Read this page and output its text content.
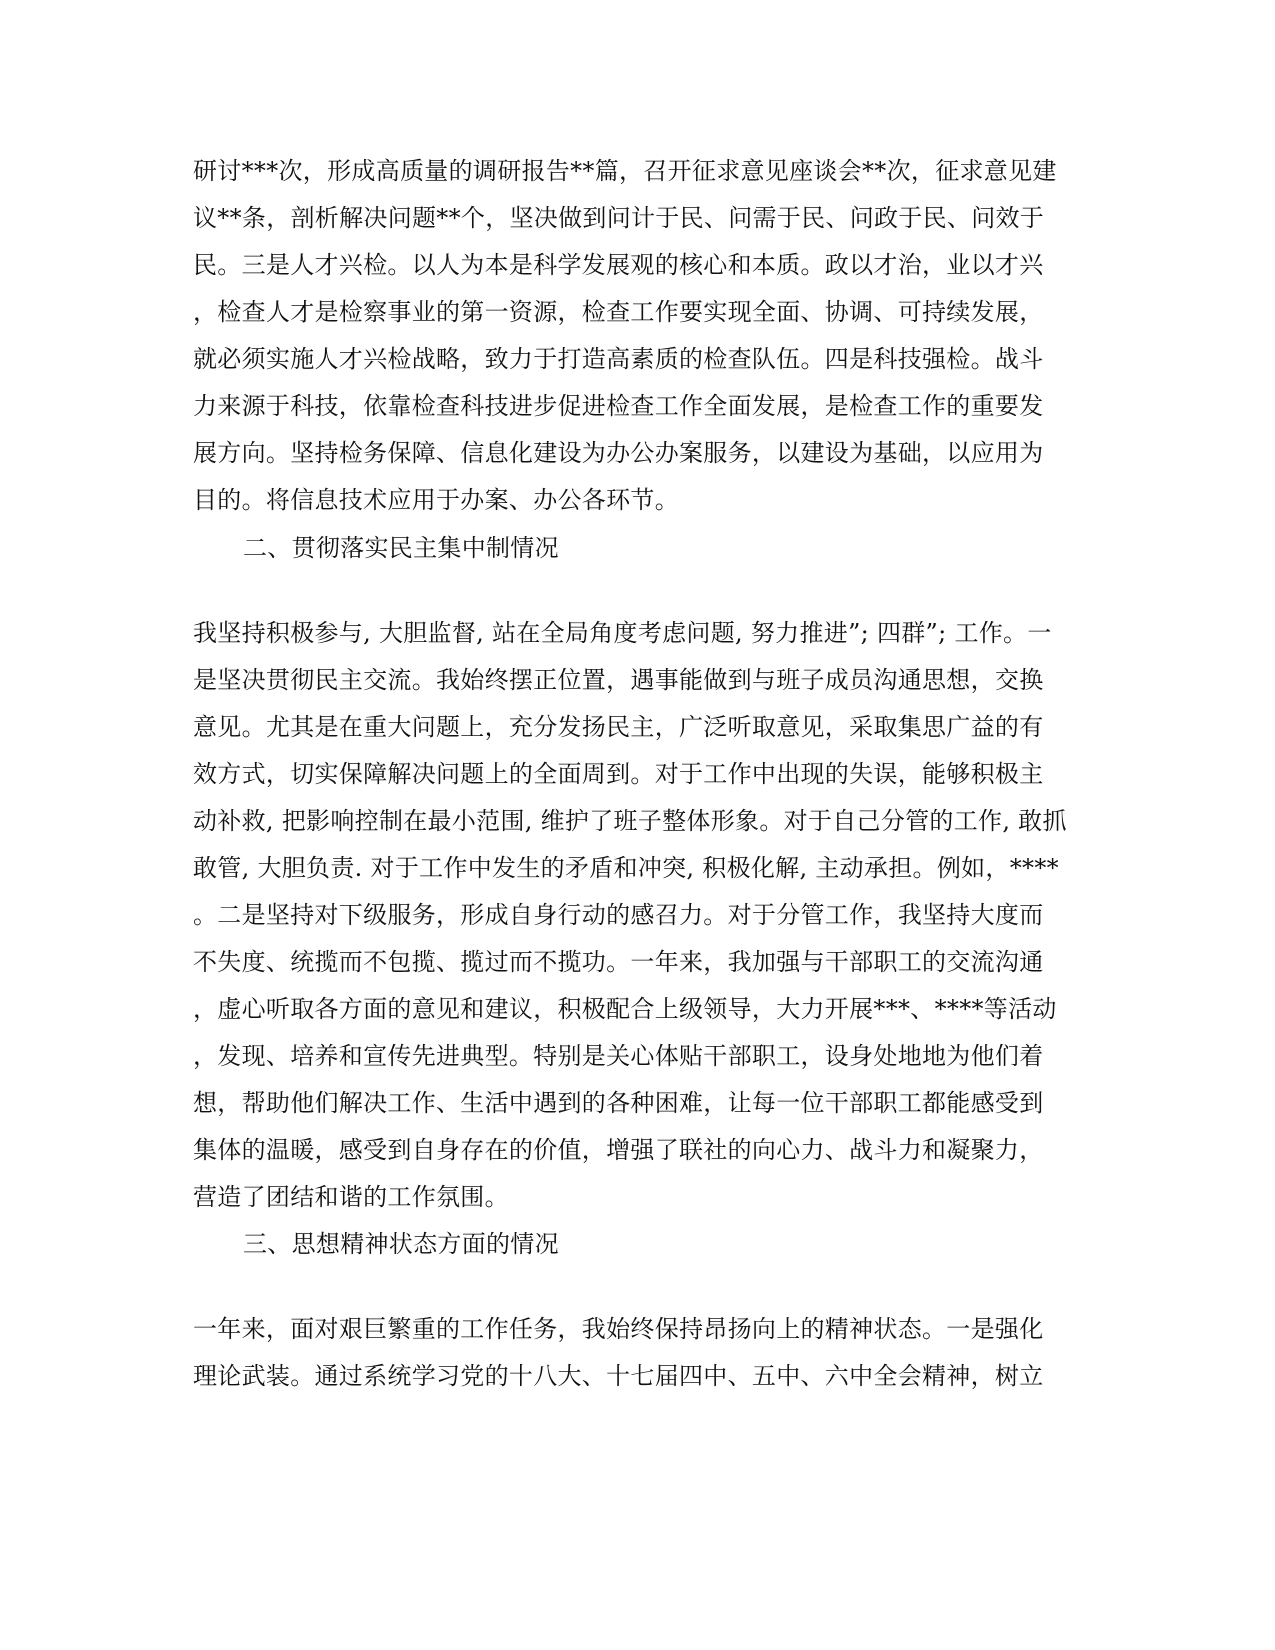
研讨***次，形成高质量的调研报告**篇，召开征求意见座谈会**次，征求意见建
议**条，剖析解决问题**个，坚决做到问计于民、问需于民、问政于民、问效于
民。三是人才兴检。以人为本是科学发展观的核心和本质。政以才治，业以才兴
，检查人才是检察事业的第一资源，检查工作要实现全面、协调、可持续发展，
就必须实施人才兴检战略，致力于打造高素质的检查队伍。四是科技强检。战斗
力来源于科技，依靠检查科技进步促进检查工作全面发展，是检查工作的重要发
展方向。坚持检务保障、信息化建设为办公办案服务，以建设为基础，以应用为
目的。将信息技术应用于办案、办公各环节。
二、贯彻落实民主集中制情况
我坚持积极参与, 大胆监督, 站在全局角度考虑问题, 努力推进”; 四群”; 工作。一
是坚决贯彻民主交流。我始终摆正位置，遇事能做到与班子成员沟通思想，交换
意见。尤其是在重大问题上，充分发扬民主，广泛听取意见，采取集思广益的有
效方式，切实保障解决问题上的全面周到。对于工作中出现的失误，能够积极主
动补救, 把影响控制在最小范围, 维护了班子整体形象。对于自己分管的工作, 敢抓
敢管, 大胆负责. 对于工作中发生的矛盾和冲突, 积极化解, 主动承担。例如，****
。二是坚持对下级服务，形成自身行动的感召力。对于分管工作，我坚持大度而
不失度、统揽而不包揽、揽过而不揽功。一年来，我加强与干部职工的交流沟通
，虚心听取各方面的意见和建议，积极配合上级领导，大力开展***、****等活动
，发现、培养和宣传先进典型。特别是关心体贴干部职工，设身处地地为他们着
想，帮助他们解决工作、生活中遇到的各种困难，让每一位干部职工都能感受到
集体的温暖，感受到自身存在的价值，增强了联社的向心力、战斗力和凝聚力，
营造了团结和谐的工作氛围。
三、思想精神状态方面的情况
一年来，面对艰巨繁重的工作任务，我始终保持昂扬向上的精神状态。一是强化
理论武装。通过系统学习党的十八大、十七届四中、五中、六中全会精神，树立
